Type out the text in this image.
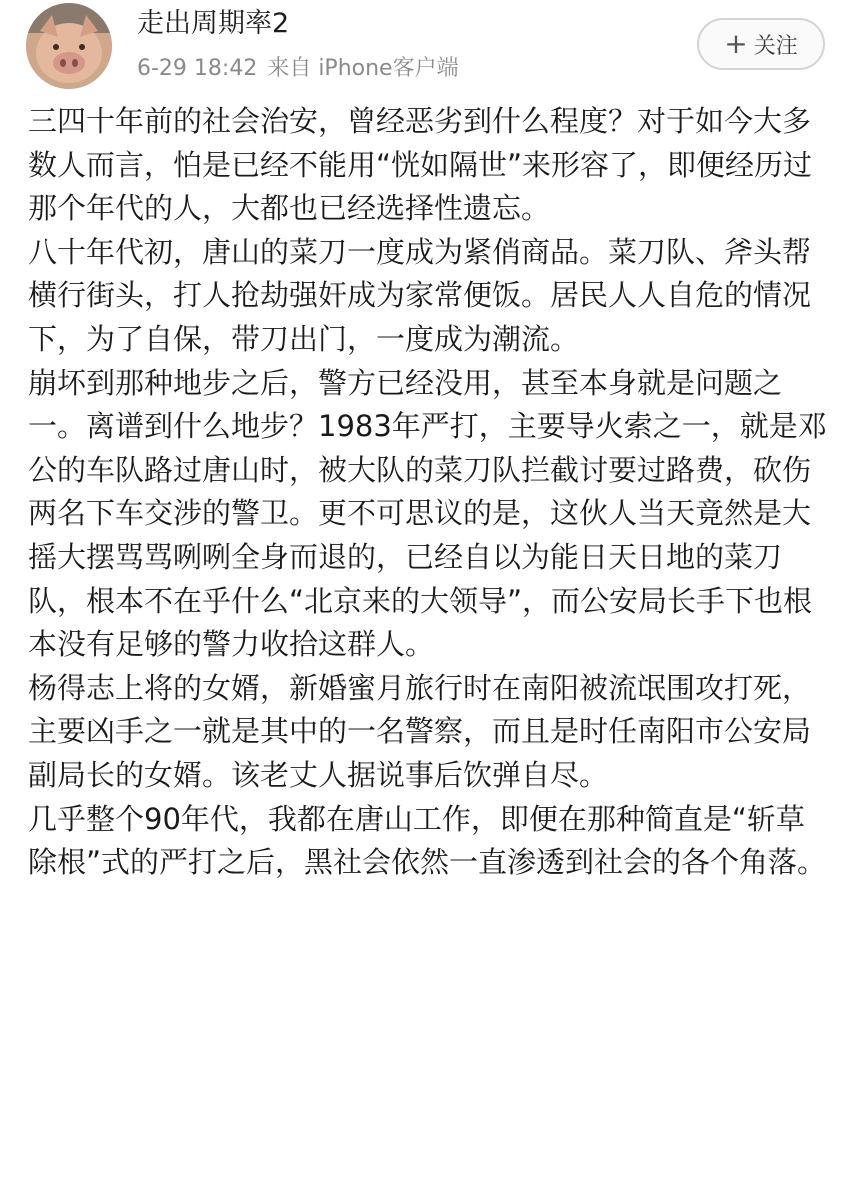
走出周期率2
6-29 18:42 来自 iPhone客户端
+ 关注

三四十年前的社会治安，曾经恶劣到什么程度？对于如今大多数人而言，怕是已经不能用“恍如隔世”来形容了，即便经历过那个年代的人，大都也已经选择性遗忘。

八十年代初，唐山的菜刀一度成为紧俏商品。菜刀队、斧头帮横行街头，打人抢劫强奸成为家常便饭。居民人人自危的情况下，为了自保，带刀出门，一度成为潮流。

崩坏到那种地步之后，警方已经没用，甚至本身就是问题之一。离谱到什么地步？1983年严打，主要导火索之一，就是邓公的车队路过唐山时，被大队的菜刀队拦截讨要过路费，砍伤两名下车交涉的警卫。更不可思议的是，这伙人当天竟然是大摇大摆骂骂咧咧全身而退的，已经自以为能日天日地的菜刀队，根本不在乎什么“北京来的大领导”，而公安局长手下也根本没有足够的警力收拾这群人。

杨得志上将的女婿，新婚蜜月旅行时在南阳被流氓围攻打死，主要凶手之一就是其中的一名警察，而且是时任南阳市公安局副局长的女婿。该老丈人据说事后饮弹自尽。

几乎整个90年代，我都在唐山工作，即便在那种简直是“斩草除根”式的严打之后，黑社会依然一直渗透到社会的各个角落。
